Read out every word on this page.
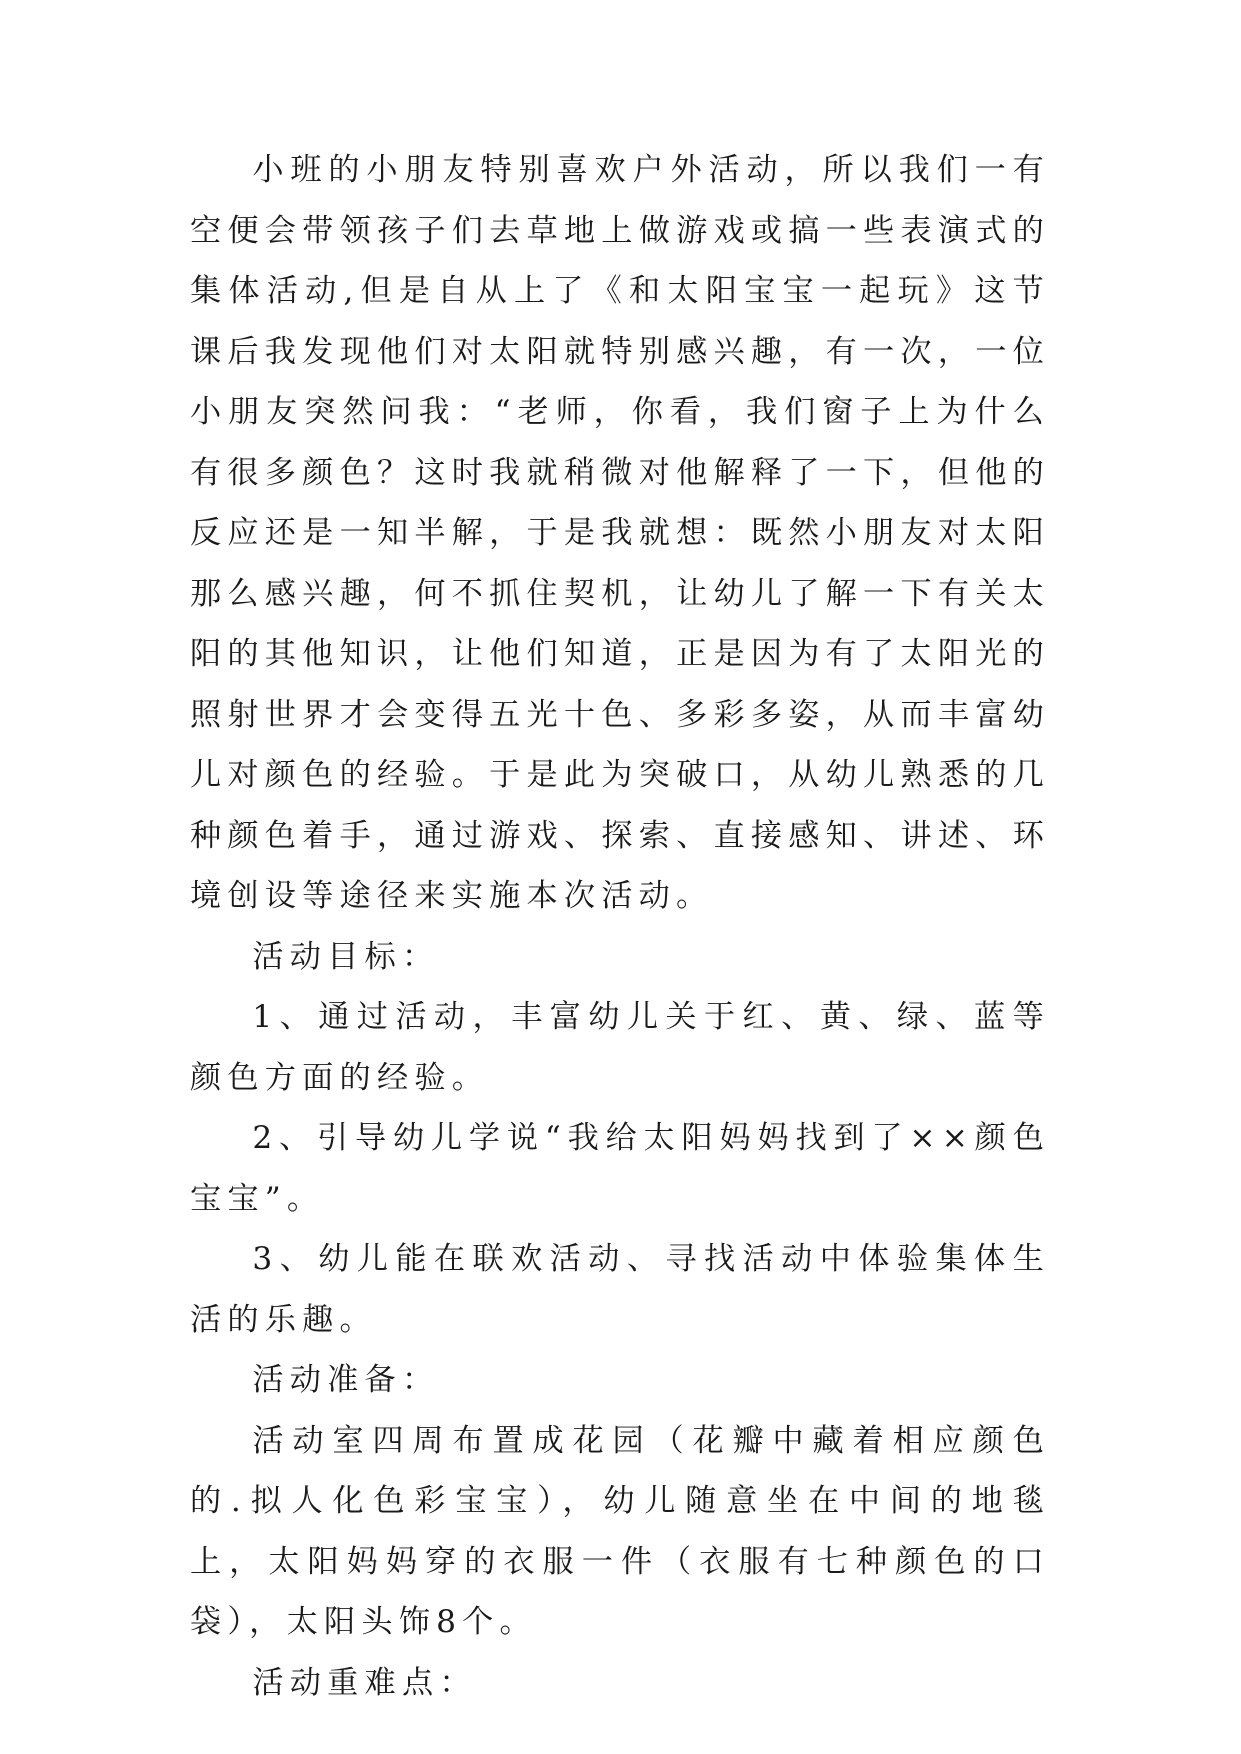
小班的小朋友特别喜欢户外活动，所以我们一有空便会带领孩子们去草地上做游戏或搞一些表演式的集体活动,但是自从上了《和太阳宝宝一起玩》这节课后我发现他们对太阳就特别感兴趣，有一次，一位小朋友突然问我：“老师，你看，我们窗子上为什么有很多颜色？这时我就稍微对他解释了一下，但他的反应还是一知半解，于是我就想：既然小朋友对太阳那么感兴趣，何不抓住契机，让幼儿了解一下有关太阳的其他知识，让他们知道，正是因为有了太阳光的照射世界才会变得五光十色、多彩多姿，从而丰富幼儿对颜色的经验。于是此为突破口，从幼儿熟悉的几种颜色着手，通过游戏、探索、直接感知、讲述、环境创设等途径来实施本次活动。

活动目标：

1、通过活动，丰富幼儿关于红、黄、绿、蓝等颜色方面的经验。

2、引导幼儿学说“我给太阳妈妈找到了××颜色宝宝”。

3、幼儿能在联欢活动、寻找活动中体验集体生活的乐趣。

活动准备：

活动室四周布置成花园（花瓣中藏着相应颜色的.拟人化色彩宝宝），幼儿随意坐在中间的地毯上，太阳妈妈穿的衣服一件（衣服有七种颜色的口袋），太阳头饰8个。

活动重难点：
